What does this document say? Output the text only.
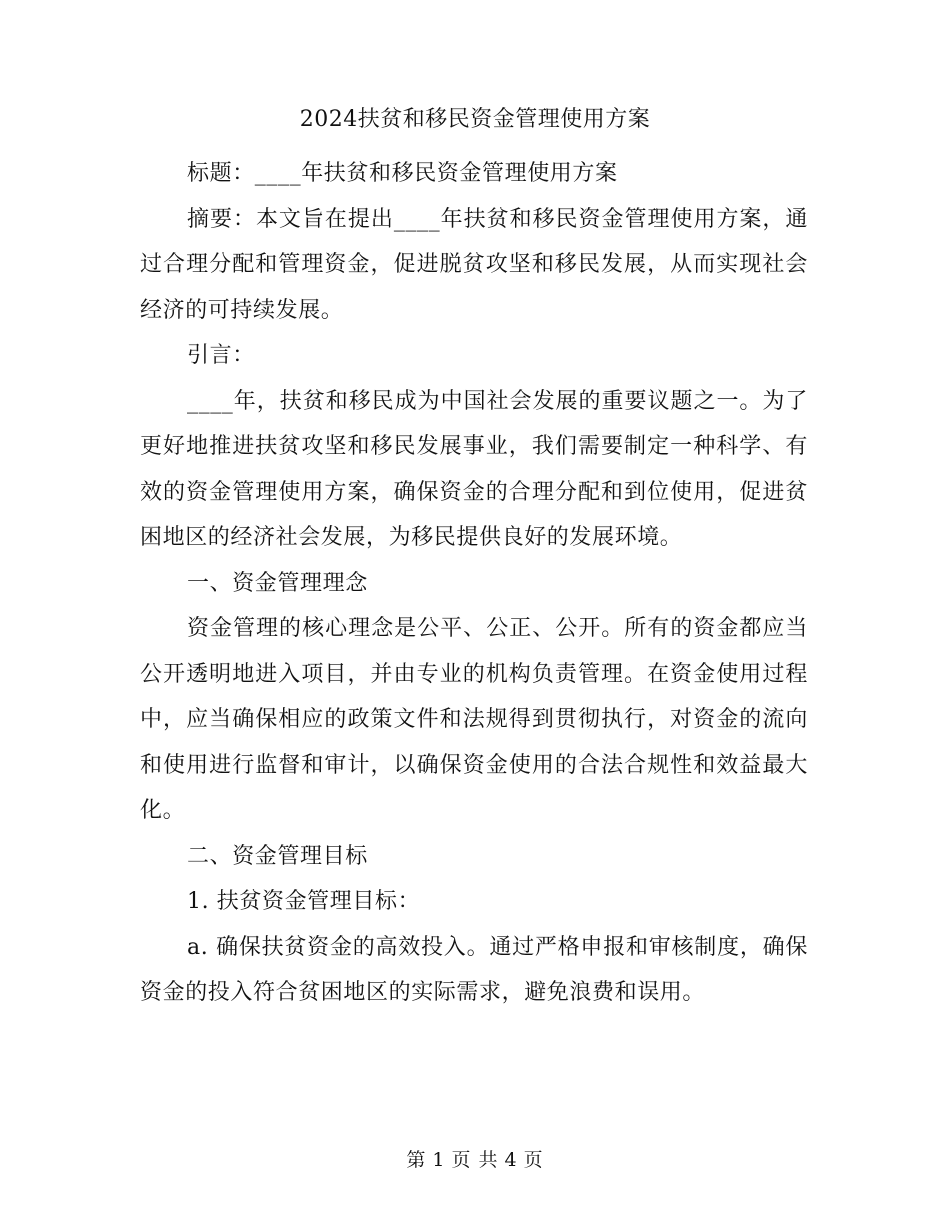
2024扶贫和移民资金管理使用方案

标题：____年扶贫和移民资金管理使用方案

摘要：本文旨在提出____年扶贫和移民资金管理使用方案，通过合理分配和管理资金，促进脱贫攻坚和移民发展，从而实现社会经济的可持续发展。

引言：

____年，扶贫和移民成为中国社会发展的重要议题之一。为了更好地推进扶贫攻坚和移民发展事业，我们需要制定一种科学、有效的资金管理使用方案，确保资金的合理分配和到位使用，促进贫困地区的经济社会发展，为移民提供良好的发展环境。

一、资金管理理念

资金管理的核心理念是公平、公正、公开。所有的资金都应当公开透明地进入项目，并由专业的机构负责管理。在资金使用过程中，应当确保相应的政策文件和法规得到贯彻执行，对资金的流向和使用进行监督和审计，以确保资金使用的合法合规性和效益最大化。

二、资金管理目标

1. 扶贫资金管理目标：

a. 确保扶贫资金的高效投入。通过严格申报和审核制度，确保资金的投入符合贫困地区的实际需求，避免浪费和误用。

第 1 页 共 4 页
